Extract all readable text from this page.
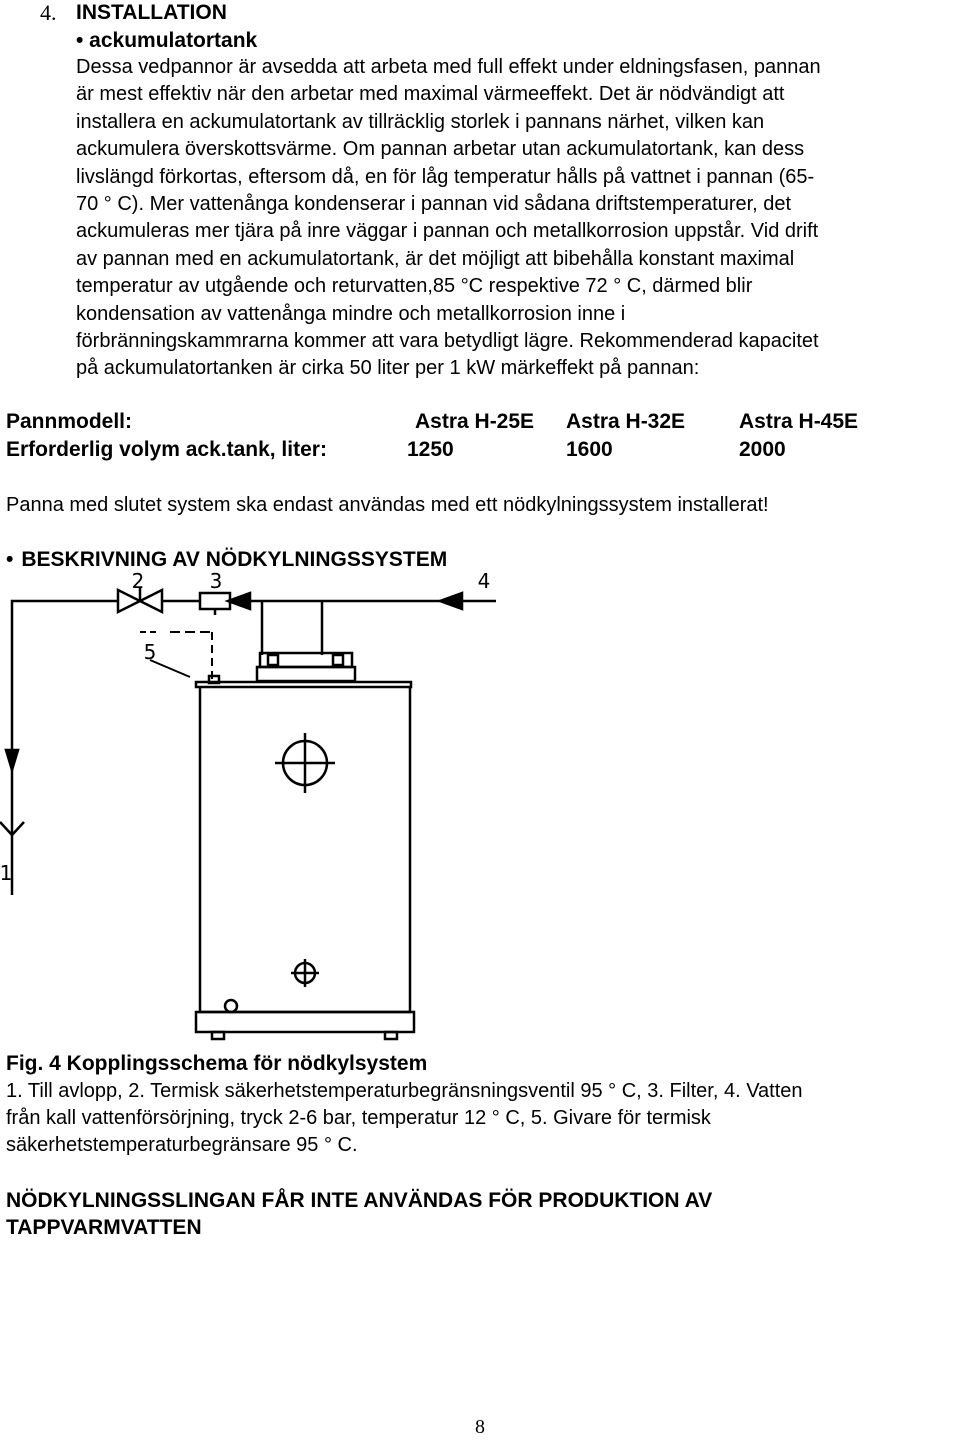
4. INSTALLATION
• ackumulatortank
Dessa vedpannor är avsedda att arbeta med full effekt under eldningsfasen, pannan
är mest effektiv när den arbetar med maximal värmeeffekt. Det är nödvändigt att
installera en ackumulatortank av tillräcklig storlek i pannans närhet, vilken kan
ackumulera överskottsvärme. Om pannan arbetar utan ackumulatortank, kan dess
livslängd förkortas, eftersom då, en för låg temperatur hålls på vattnet i pannan (65-
70 ° C). Mer vattenånga kondenserar i pannan vid sådana driftstemperaturer, det
ackumuleras mer tjära på inre väggar i pannan och metallkorrosion uppstår. Vid drift
av pannan med en ackumulatortank, är det möjligt att bibehålla konstant maximal
temperatur av utgående och returvatten,85 °C respektive 72 ° C, därmed blir
kondensation av vattenånga mindre och metallkorrosion inne i
förbränningskammrarna kommer att vara betydligt lägre. Rekommenderad kapacitet
på ackumulatortanken är cirka 50 liter per 1 kW märkeffekt på pannan:
Pannmodell:	Astra H-25E Astra H-32E	Astra H-45E
Erforderlig volym ack.tank, liter:	1250	1600	2000
Panna med slutet system ska endast användas med ett nödkylningssystem installerat!
• BESKRIVNING AV NÖDKYLNINGSSYSTEM
2	3	4
5
1
Fig. 4 Kopplingsschema för nödkylsystem
1. Till avlopp, 2. Termisk säkerhetstemperaturbegränsningsventil 95 ° C, 3. Filter, 4. Vatten
från kall vattenförsörjning, tryck 2-6 bar, temperatur 12 ° C, 5. Givare för termisk
säkerhetstemperaturbegränsare 95 ° C.
NÖDKYLNINGSSLINGAN FÅR INTE ANVÄNDAS FÖR PRODUKTION AV
TAPPVARMVATTEN
8
